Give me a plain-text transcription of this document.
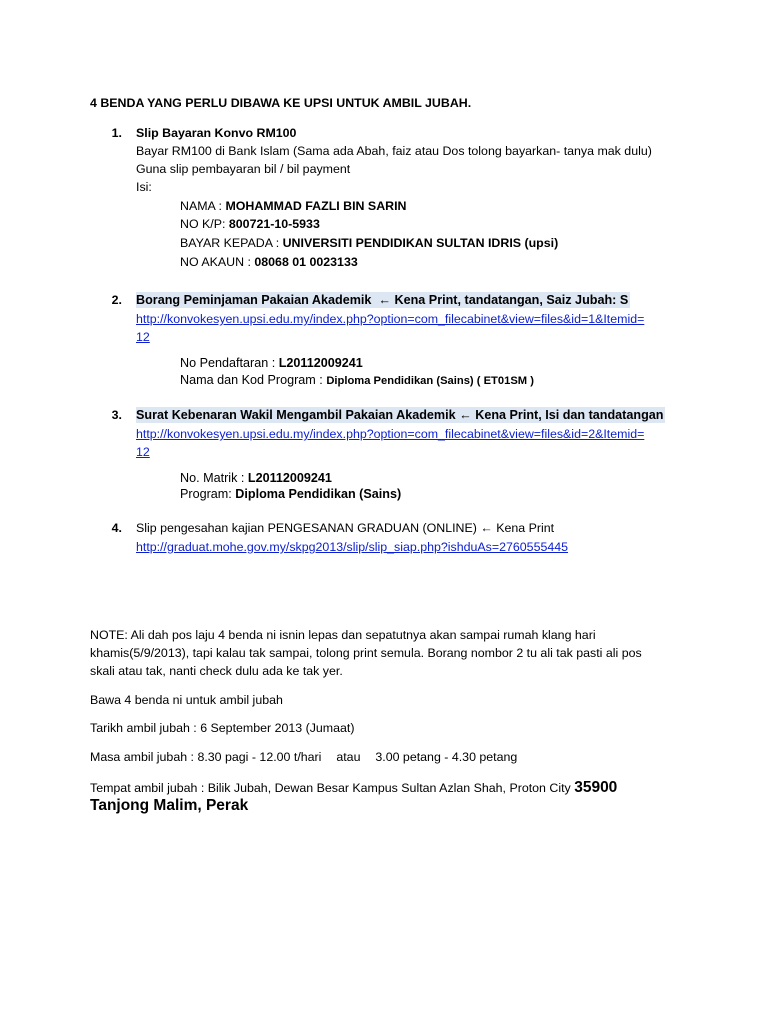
4 BENDA YANG PERLU DIBAWA KE UPSI UNTUK AMBIL JUBAH.
1. Slip Bayaran Konvo RM100
Bayar RM100 di Bank Islam (Sama ada Abah, faiz atau Dos tolong bayarkan- tanya mak dulu)
Guna slip pembayaran bil / bil payment
Isi:
NAMA : MOHAMMAD FAZLI BIN SARIN
NO K/P: 800721-10-5933
BAYAR KEPADA : UNIVERSITI PENDIDIKAN SULTAN IDRIS (upsi)
NO AKAUN : 08068 01 0023133
2. Borang Peminjaman Pakaian Akademik ← Kena Print, tandatangan, Saiz Jubah: S
http://konvokesyen.upsi.edu.my/index.php?option=com_filecabinet&view=files&id=1&Itemid=
12
No Pendaftaran : L20112009241
Nama dan Kod Program : Diploma Pendidikan (Sains) ( ET01SM )
3. Surat Kebenaran Wakil Mengambil Pakaian Akademik ← Kena Print, Isi dan tandatangan
http://konvokesyen.upsi.edu.my/index.php?option=com_filecabinet&view=files&id=2&Itemid=
12
No. Matrik : L20112009241
Program: Diploma Pendidikan (Sains)
4. Slip pengesahan kajian PENGESANAN GRADUAN (ONLINE) ← Kena Print
http://graduat.mohe.gov.my/skpg2013/slip/slip_siap.php?ishduAs=2760555445
NOTE: Ali dah pos laju 4 benda ni isnin lepas dan sepatutnya akan sampai rumah klang hari
khamis(5/9/2013), tapi kalau tak sampai, tolong print semula. Borang nombor 2 tu ali tak pasti ali pos
skali atau tak, nanti check dulu ada ke tak yer.
Bawa 4 benda ni untuk ambil jubah
Tarikh ambil jubah : 6 September 2013 (Jumaat)
Masa ambil jubah : 8.30 pagi - 12.00 t/hari atau 3.00 petang - 4.30 petang
Tempat ambil jubah : Bilik Jubah, Dewan Besar Kampus Sultan Azlan Shah, Proton City 35900
Tanjong Malim, Perak
